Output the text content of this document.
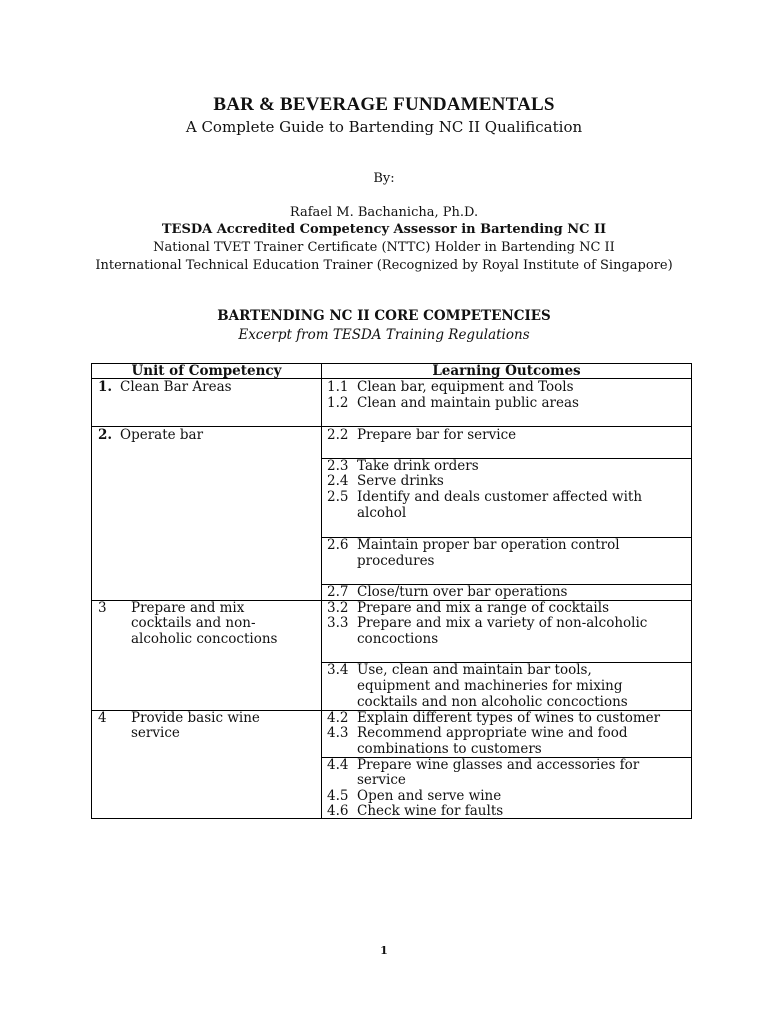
BAR & BEVERAGE FUNDAMENTALS
A Complete Guide to Bartending NC II Qualification
By:
Rafael M. Bachanicha, Ph.D.
TESDA Accredited Competency Assessor in Bartending NC II
National TVET Trainer Certificate (NTTC) Holder in Bartending NC II
International Technical Education Trainer (Recognized by Royal Institute of Singapore)
BARTENDING NC II CORE COMPETENCIES
Excerpt from TESDA Training Regulations
Unit of Competency	Learning Outcomes
1. Clean Bar Areas
2. Operate bar
3 Prepare and mix
cocktails and non-
alcoholic concoctions
4 Provide basic wine
service
1.1 Clean bar, equipment and Tools
1.2 Clean and maintain public areas
2.2 Prepare bar for service
2.3 Take drink orders
2.4 Serve drinks
2.5 Identify and deals customer affected with
alcohol
2.6 Maintain proper bar operation control
procedures
2.7 Close/turn over bar operations
3.2 Prepare and mix a range of cocktails
3.3 Prepare and mix a variety of non-alcoholic
concoctions
3.4 Use, clean and maintain bar tools,
equipment and machineries for mixing
cocktails and non alcoholic concoctions
4.2 Explain different types of wines to customer
4.3 Recommend appropriate wine and food
combinations to customers
4.4 Prepare wine glasses and accessories for
service
4.5 Open and serve wine
4.6 Check wine for faults
1
